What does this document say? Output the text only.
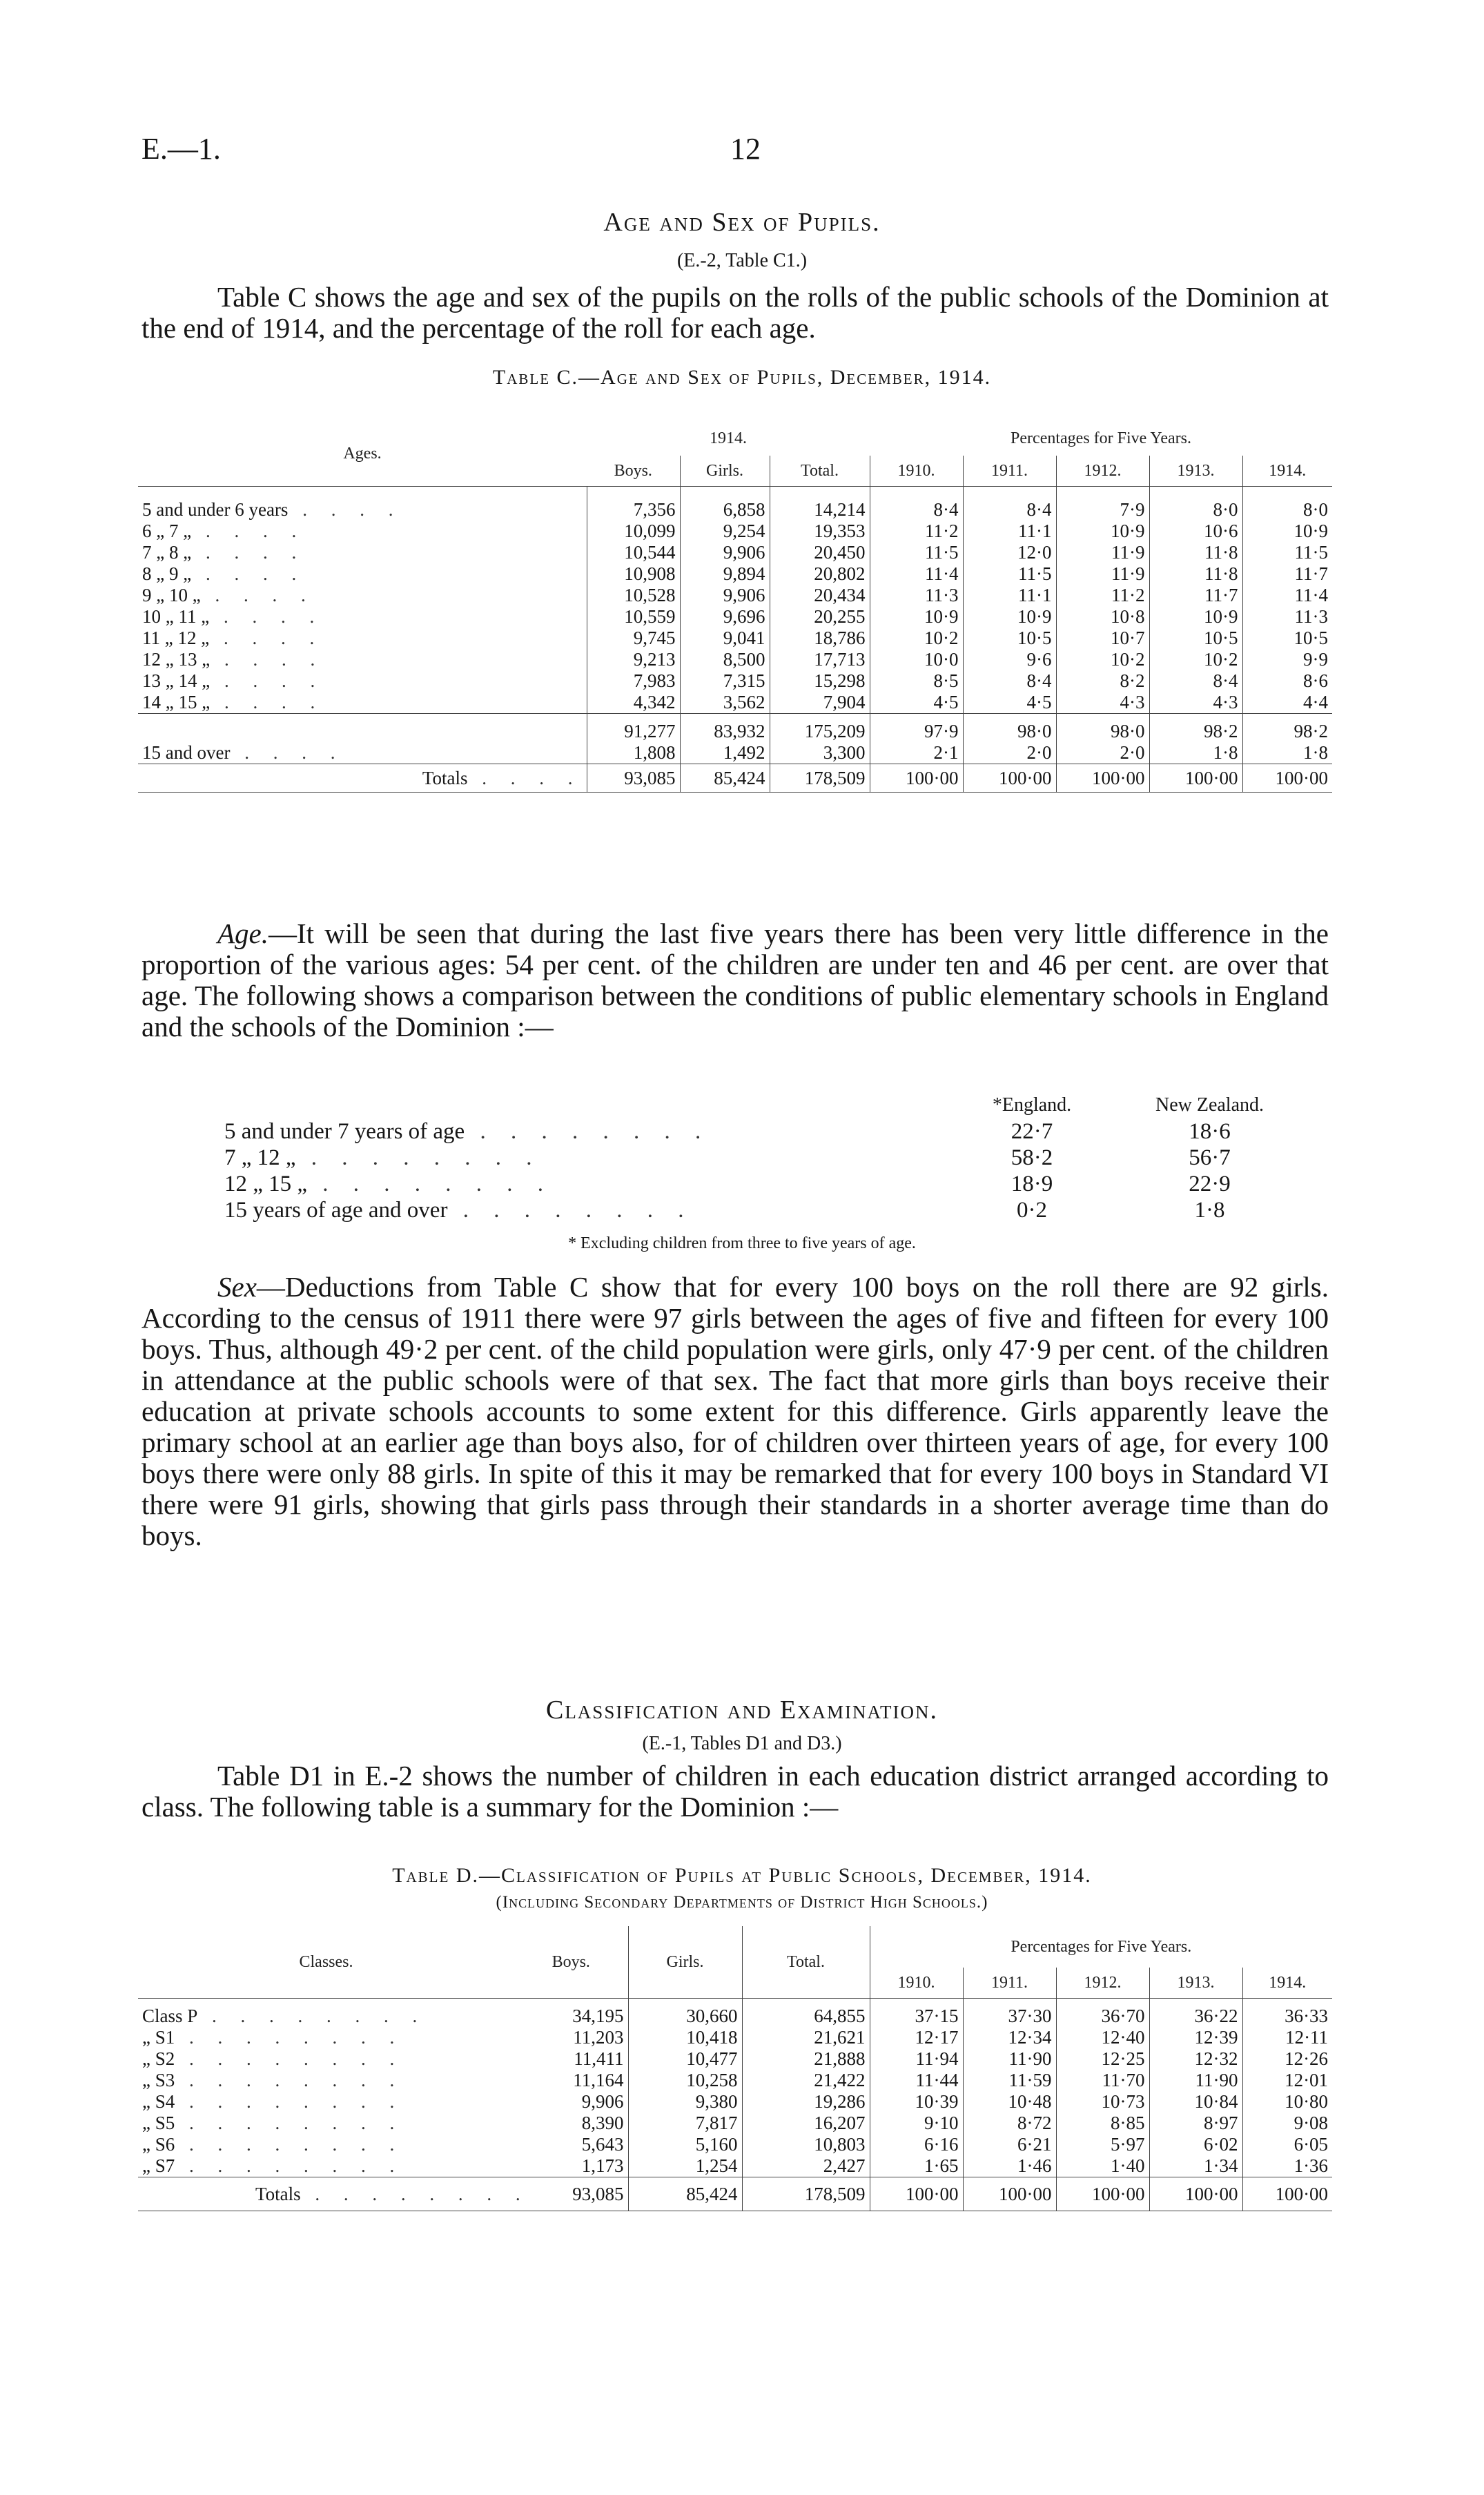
E.—1.	12
Age and Sex of Pupils.
(E.-2, Table C1.)

Table C shows the age and sex of the pupils on the rolls of the public schools of the Dominion at the end of 1914, and the percentage of the roll for each age.

Table C.—Age and Sex of Pupils, December, 1914.
Ages.	1914.			Percentages for Five Years.				
	Boys.	Girls.	Total.	1910.	1911.	1912.	1913.	1914.

5 and under 6 years . . . .	7,356	6,858	14,214	8·4	8·4	7·9	8·0	8·0
6 „ 7 „ . . . .	10,099	9,254	19,353	11·2	11·1	10·9	10·6	10·9
7 „ 8 „ . . . .	10,544	9,906	20,450	11·5	12·0	11·9	11·8	11·5
8 „ 9 „ . . . .	10,908	9,894	20,802	11·4	11·5	11·9	11·8	11·7
9 „ 10 „ . . . .	10,528	9,906	20,434	11·3	11·1	11·2	11·7	11·4
10 „ 11 „ . . . .	10,559	9,696	20,255	10·9	10·9	10·8	10·9	11·3
11 „ 12 „ . . . .	9,745	9,041	18,786	10·2	10·5	10·7	10·5	10·5
12 „ 13 „ . . . .	9,213	8,500	17,713	10·0	9·6	10·2	10·2	9·9
13 „ 14 „ . . . .	7,983	7,315	15,298	8·5	8·4	8·2	8·4	8·6
14 „ 15 „ . . . .	4,342	3,562	7,904	4·5	4·5	4·3	4·3	4·4
	91,277	83,932	175,209	97·9	98·0	98·0	98·2	98·2
15 and over . . . .	1,808	1,492	3,300	2·1	2·0	2·0	1·8	1·8
Totals . . . .	93,085	85,424	178,509	100·00	100·00	100·00	100·00	100·00

Age.—It will be seen that during the last five years there has been very little difference in the proportion of the various ages: 54 per cent. of the children are under ten and 46 per cent. are over that age. The following shows a comparison between the conditions of public elementary schools in England and the schools of the Dominion :—

	*England.	New Zealand.
5 and under 7 years of age . . . . . . . .	22·7	18·6
7 „ 12 „ . . . . . . . .	58·2	56·7
12 „ 15 „ . . . . . . . .	18·9	22·9
15 years of age and over . . . . . . . .	0·2	1·8
* Excluding children from three to five years of age.

Sex—Deductions from Table C show that for every 100 boys on the roll there are 92 girls. According to the census of 1911 there were 97 girls between the ages of five and fifteen for every 100 boys. Thus, although 49·2 per cent. of the child population were girls, only 47·9 per cent. of the children in attendance at the public schools were of that sex. The fact that more girls than boys receive their education at private schools accounts to some extent for this difference. Girls apparently leave the primary school at an earlier age than boys also, for of children over thirteen years of age, for every 100 boys there were only 88 girls. In spite of this it may be remarked that for every 100 boys in Standard VI there were 91 girls, showing that girls pass through their standards in a shorter average time than do boys.

Classification and Examination.
(E.-1, Tables D1 and D3.)

Table D1 in E.-2 shows the number of children in each education district arranged according to class. The following table is a summary for the Dominion :—

Table D.—Classification of Pupils at Public Schools, December, 1914.
(Including Secondary Departments of District High Schools.)
Classes.	Boys.	Girls.	Total.	Percentages for Five Years.				
				1910.	1911.	1912.	1913.	1914.

Class P . . . . . . . .	34,195	30,660	64,855	37·15	37·30	36·70	36·22	36·33
„ S1 . . . . . . . .	11,203	10,418	21,621	12·17	12·34	12·40	12·39	12·11
„ S2 . . . . . . . .	11,411	10,477	21,888	11·94	11·90	12·25	12·32	12·26
„ S3 . . . . . . . .	11,164	10,258	21,422	11·44	11·59	11·70	11·90	12·01
„ S4 . . . . . . . .	9,906	9,380	19,286	10·39	10·48	10·73	10·84	10·80
„ S5 . . . . . . . .	8,390	7,817	16,207	9·10	8·72	8·85	8·97	9·08
„ S6 . . . . . . . .	5,643	5,160	10,803	6·16	6·21	5·97	6·02	6·05
„ S7 . . . . . . . .	1,173	1,254	2,427	1·65	1·46	1·40	1·34	1·36
Totals . . . . . . . .	93,085	85,424	178,509	100·00	100·00	100·00	100·00	100·00
